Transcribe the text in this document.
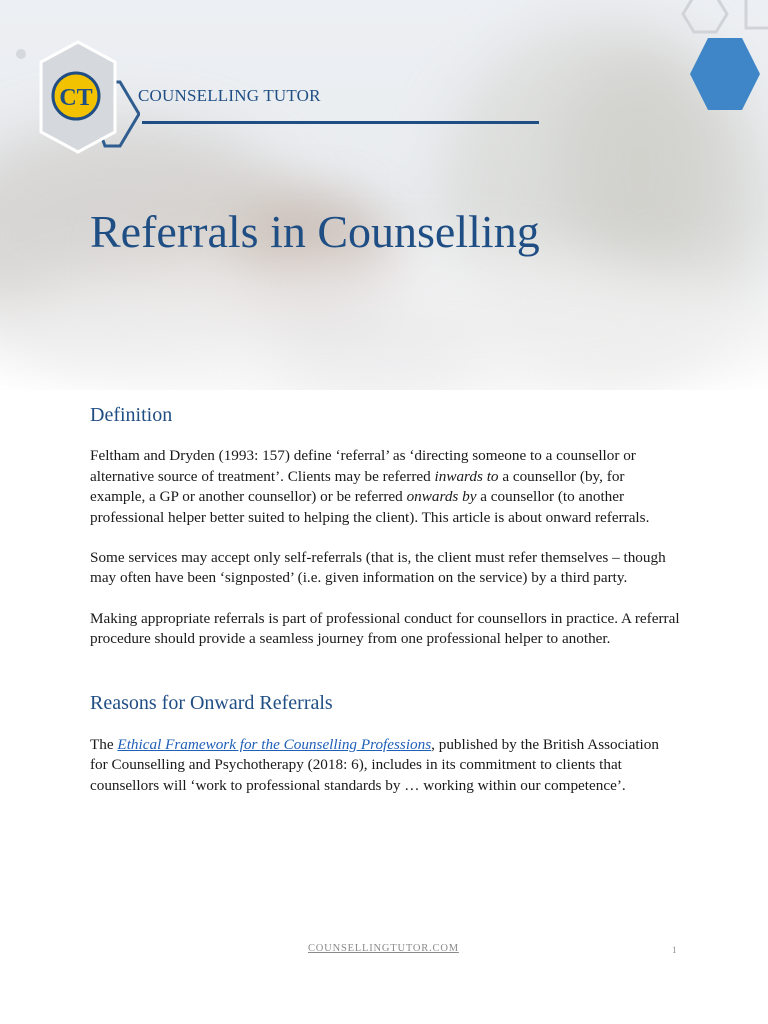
CT	COUNSELLING TUTOR
Referrals in Counselling
Definition

Feltham and Dryden (1993: 157) define ‘referral’ as ‘directing someone to a counsellor or alternative source of treatment’. Clients may be referred inwards to a counsellor (by, for example, a GP or another counsellor) or be referred onwards by a counsellor (to another professional helper better suited to helping the client). This article is about onward referrals.

Some services may accept only self-referrals (that is, the client must refer themselves – though may often have been ‘signposted’ (i.e. given information on the service) by a third party.

Making appropriate referrals is part of professional conduct for counsellors in practice. A referral procedure should provide a seamless journey from one professional helper to another.

Reasons for Onward Referrals

The Ethical Framework for the Counselling Professions, published by the British Association for Counselling and Psychotherapy (2018: 6), includes in its commitment to clients that counsellors will ‘work to professional standards by … working within our competence’.

COUNSELLINGTUTOR.COM	1
